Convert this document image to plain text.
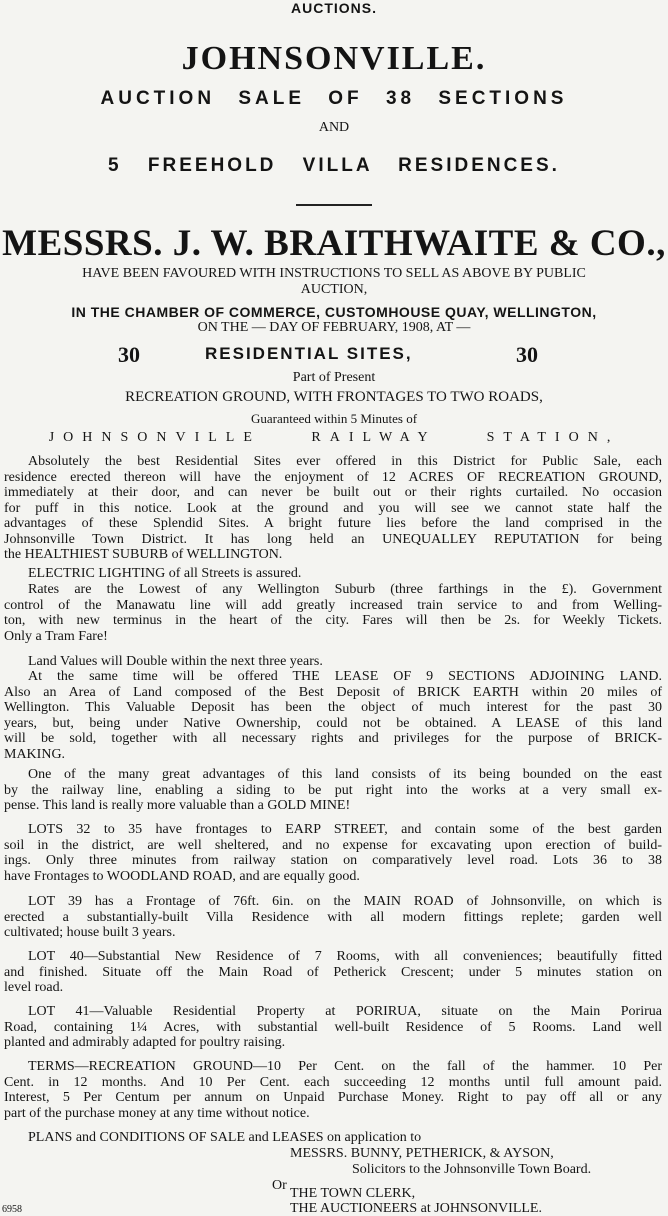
AUCTIONS.
JOHNSONVILLE.
AUCTION SALE OF 38 SECTIONS
AND
5 FREEHOLD VILLA RESIDENCES.
MESSRS. J. W. BRAITHWAITE & CO.,
HAVE BEEN FAVOURED WITH INSTRUCTIONS TO SELL AS ABOVE BY PUBLIC
AUCTION,
IN THE CHAMBER OF COMMERCE, CUSTOMHOUSE QUAY, WELLINGTON,
ON THE — DAY OF FEBRUARY, 1908, AT —
30	RESIDENTIAL SITES,	30
Part of Present
RECREATION GROUND, WITH FRONTAGES TO TWO ROADS,
Guaranteed within 5 Minutes of
JOHNSONVILLE RAILWAY STATION,
Absolutely the best Residential Sites ever offered in this District for Public Sale, each
residence erected thereon will have the enjoyment of 12 ACRES OF RECREATION GROUND,
immediately at their door, and can never be built out or their rights curtailed. No occasion
for puff in this notice. Look at the ground and you will see we cannot state half the
advantages of these Splendid Sites. A bright future lies before the land comprised in the
Johnsonville Town District. It has long held an UNEQUALLEY REPUTATION for being
the HEALTHIEST SUBURB of WELLINGTON.
ELECTRIC LIGHTING of all Streets is assured.
Rates are the Lowest of any Wellington Suburb (three farthings in the £). Government
control of the Manawatu line will add greatly increased train service to and from Welling-
ton, with new terminus in the heart of the city. Fares will then be 2s. for Weekly Tickets.
Only a Tram Fare!
Land Values will Double within the next three years.
At the same time will be offered THE LEASE OF 9 SECTIONS ADJOINING LAND.
Also an Area of Land composed of the Best Deposit of BRICK EARTH within 20 miles of
Wellington. This Valuable Deposit has been the object of much interest for the past 30
years, but, being under Native Ownership, could not be obtained. A LEASE of this land
will be sold, together with all necessary rights and privileges for the purpose of BRICK-
MAKING.
One of the many great advantages of this land consists of its being bounded on the east
by the railway line, enabling a siding to be put right into the works at a very small ex-
pense. This land is really more valuable than a GOLD MINE!
LOTS 32 to 35 have frontages to EARP STREET, and contain some of the best garden
soil in the district, are well sheltered, and no expense for excavating upon erection of build-
ings. Only three minutes from railway station on comparatively level road. Lots 36 to 38
have Frontages to WOODLAND ROAD, and are equally good.
LOT 39 has a Frontage of 76ft. 6in. on the MAIN ROAD of Johnsonville, on which is
erected a substantially-built Villa Residence with all modern fittings replete; garden well
cultivated; house built 3 years.
LOT 40—Substantial New Residence of 7 Rooms, with all conveniences; beautifully fitted
and finished. Situate off the Main Road of Petherick Crescent; under 5 minutes station on
level road.
LOT 41—Valuable Residential Property at PORIRUA, situate on the Main Porirua
Road, containing 1¼ Acres, with substantial well-built Residence of 5 Rooms. Land well
planted and admirably adapted for poultry raising.
TERMS—RECREATION GROUND—10 Per Cent. on the fall of the hammer. 10 Per
Cent. in 12 months. And 10 Per Cent. each succeeding 12 months until full amount paid.
Interest, 5 Per Centum per annum on Unpaid Purchase Money. Right to pay off all or any
part of the purchase money at any time without notice.
PLANS and CONDITIONS OF SALE and LEASES on application to
MESSRS. BUNNY, PETHERICK, & AYSON,
Solicitors to the Johnsonville Town Board.
Or
THE TOWN CLERK,
THE AUCTIONEERS at JOHNSONVILLE.
6958
